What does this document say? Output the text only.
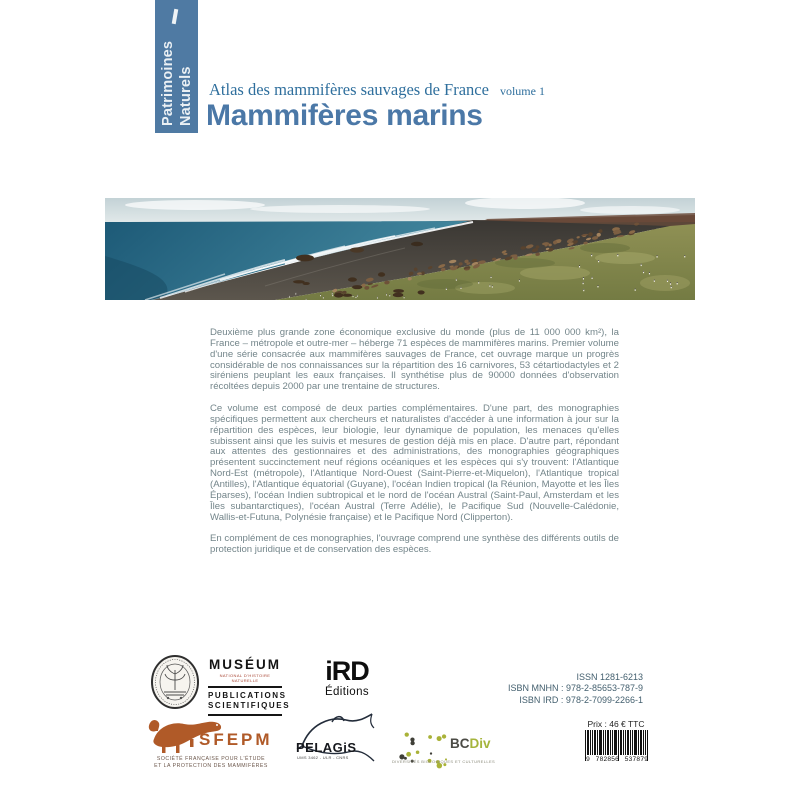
Patrimoines Naturels Atlas des mammifères sauvages de France volume 1
Mammifères marins

Deuxième plus grande zone économique exclusive du monde (plus de 11 000 000 km²), la France – métropole et outre-mer – héberge 71 espèces de mammifères marins. Premier volume d'une série consacrée aux mammifères sauvages de France, cet ouvrage marque un progrès considérable de nos connaissances sur la répartition des 16 carnivores, 53 cétartiodactyles et 2 siréniens peuplant les eaux françaises. Il synthétise plus de 90000 données d'observation récoltées depuis 2000 par une trentaine de structures.

Ce volume est composé de deux parties complémentaires. D'une part, des monographies spécifiques permettent aux chercheurs et naturalistes d'accéder à une information à jour sur la répartition des espèces, leur biologie, leur dynamique de population, les menaces qu'elles subissent ainsi que les suivis et mesures de gestion déjà mis en place. D'autre part, répondant aux attentes des gestionnaires et des administrations, des monographies géographiques présentent succinctement neuf régions océaniques et les espèces qui s'y trouvent: l'Atlantique Nord-Est (métropole), l'Atlantique Nord-Ouest (Saint-Pierre-et-Miquelon), l'Atlantique tropical (Antilles), l'Atlantique équatorial (Guyane), l'océan Indien tropical (la Réunion, Mayotte et les Îles Éparses), l'océan Indien subtropical et le nord de l'océan Austral (Saint-Paul, Amsterdam et les Îles subantarctiques), l'océan Austral (Terre Adélie), le Pacifique Sud (Nouvelle-Calédonie, Wallis-et-Futuna, Polynésie française) et le Pacifique Nord (Clipperton).

En complément de ces monographies, l'ouvrage comprend une synthèse des différents outils de protection juridique et de conservation des espèces.

MUSÉUM
NATIONAL D'HISTOIRE NATURELLE
PUBLICATIONS
SCIENTIFIQUES
iRD
Éditions
SFEPM
SOCIÉTÉ FRANÇAISE POUR L'ÉTUDE
ET LA PROTECTION DES MAMMIFÈRES
PELAGiS
UMS 3462 - ULR - CNRS
BCDiv
DIVERSITÉS BIOLOGIQUES ET CULTURELLES
ISSN 1281-6213
ISBN MNHN : 978-2-85653-787-9
ISBN IRD : 978-2-7099-2266-1
Prix : 46 € TTC
9 782856 537879
